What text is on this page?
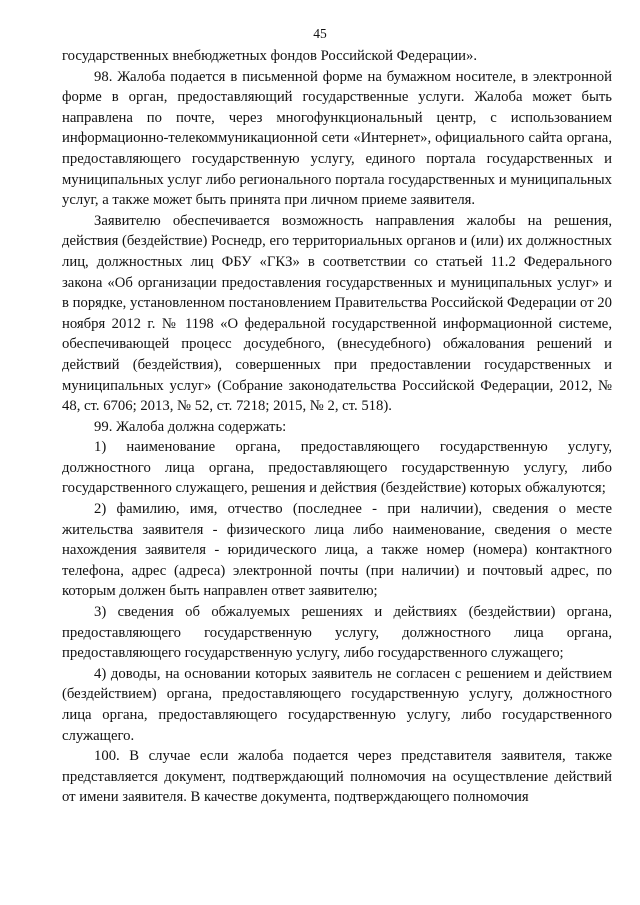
45

государственных внебюджетных фондов Российской Федерации».

98. Жалоба подается в письменной форме на бумажном носителе, в электронной форме в орган, предоставляющий государственные услуги. Жалоба может быть направлена по почте, через многофункциональный центр, с использованием информационно-телекоммуникационной сети «Интернет», официального сайта органа, предоставляющего государственную услугу, единого портала государственных и муниципальных услуг либо регионального портала государственных и муниципальных услуг, а также может быть принята при личном приеме заявителя.

Заявителю обеспечивается возможность направления жалобы на решения, действия (бездействие) Роснедр, его территориальных органов и (или) их должностных лиц, должностных лиц ФБУ «ГКЗ» в соответствии со статьей 11.2 Федерального закона «Об организации предоставления государственных и муниципальных услуг» и в порядке, установленном постановлением Правительства Российской Федерации от 20 ноября 2012 г. № 1198 «О федеральной государственной информационной системе, обеспечивающей процесс досудебного, (внесудебного) обжалования решений и действий (бездействия), совершенных при предоставлении государственных и муниципальных услуг» (Собрание законодательства Российской Федерации, 2012, № 48, ст. 6706; 2013, № 52, ст. 7218; 2015, № 2, ст. 518).

99. Жалоба должна содержать:

1) наименование органа, предоставляющего государственную услугу, должностного лица органа, предоставляющего государственную услугу, либо государственного служащего, решения и действия (бездействие) которых обжалуются;

2) фамилию, имя, отчество (последнее - при наличии), сведения о месте жительства заявителя - физического лица либо наименование, сведения о месте нахождения заявителя - юридического лица, а также номер (номера) контактного телефона, адрес (адреса) электронной почты (при наличии) и почтовый адрес, по которым должен быть направлен ответ заявителю;

3) сведения об обжалуемых решениях и действиях (бездействии) органа, предоставляющего государственную услугу, должностного лица органа, предоставляющего государственную услугу, либо государственного служащего;

4) доводы, на основании которых заявитель не согласен с решением и действием (бездействием) органа, предоставляющего государственную услугу, должностного лица органа, предоставляющего государственную услугу, либо государственного служащего.

100. В случае если жалоба подается через представителя заявителя, также представляется документ, подтверждающий полномочия на осуществление действий от имени заявителя. В качестве документа, подтверждающего полномочия
